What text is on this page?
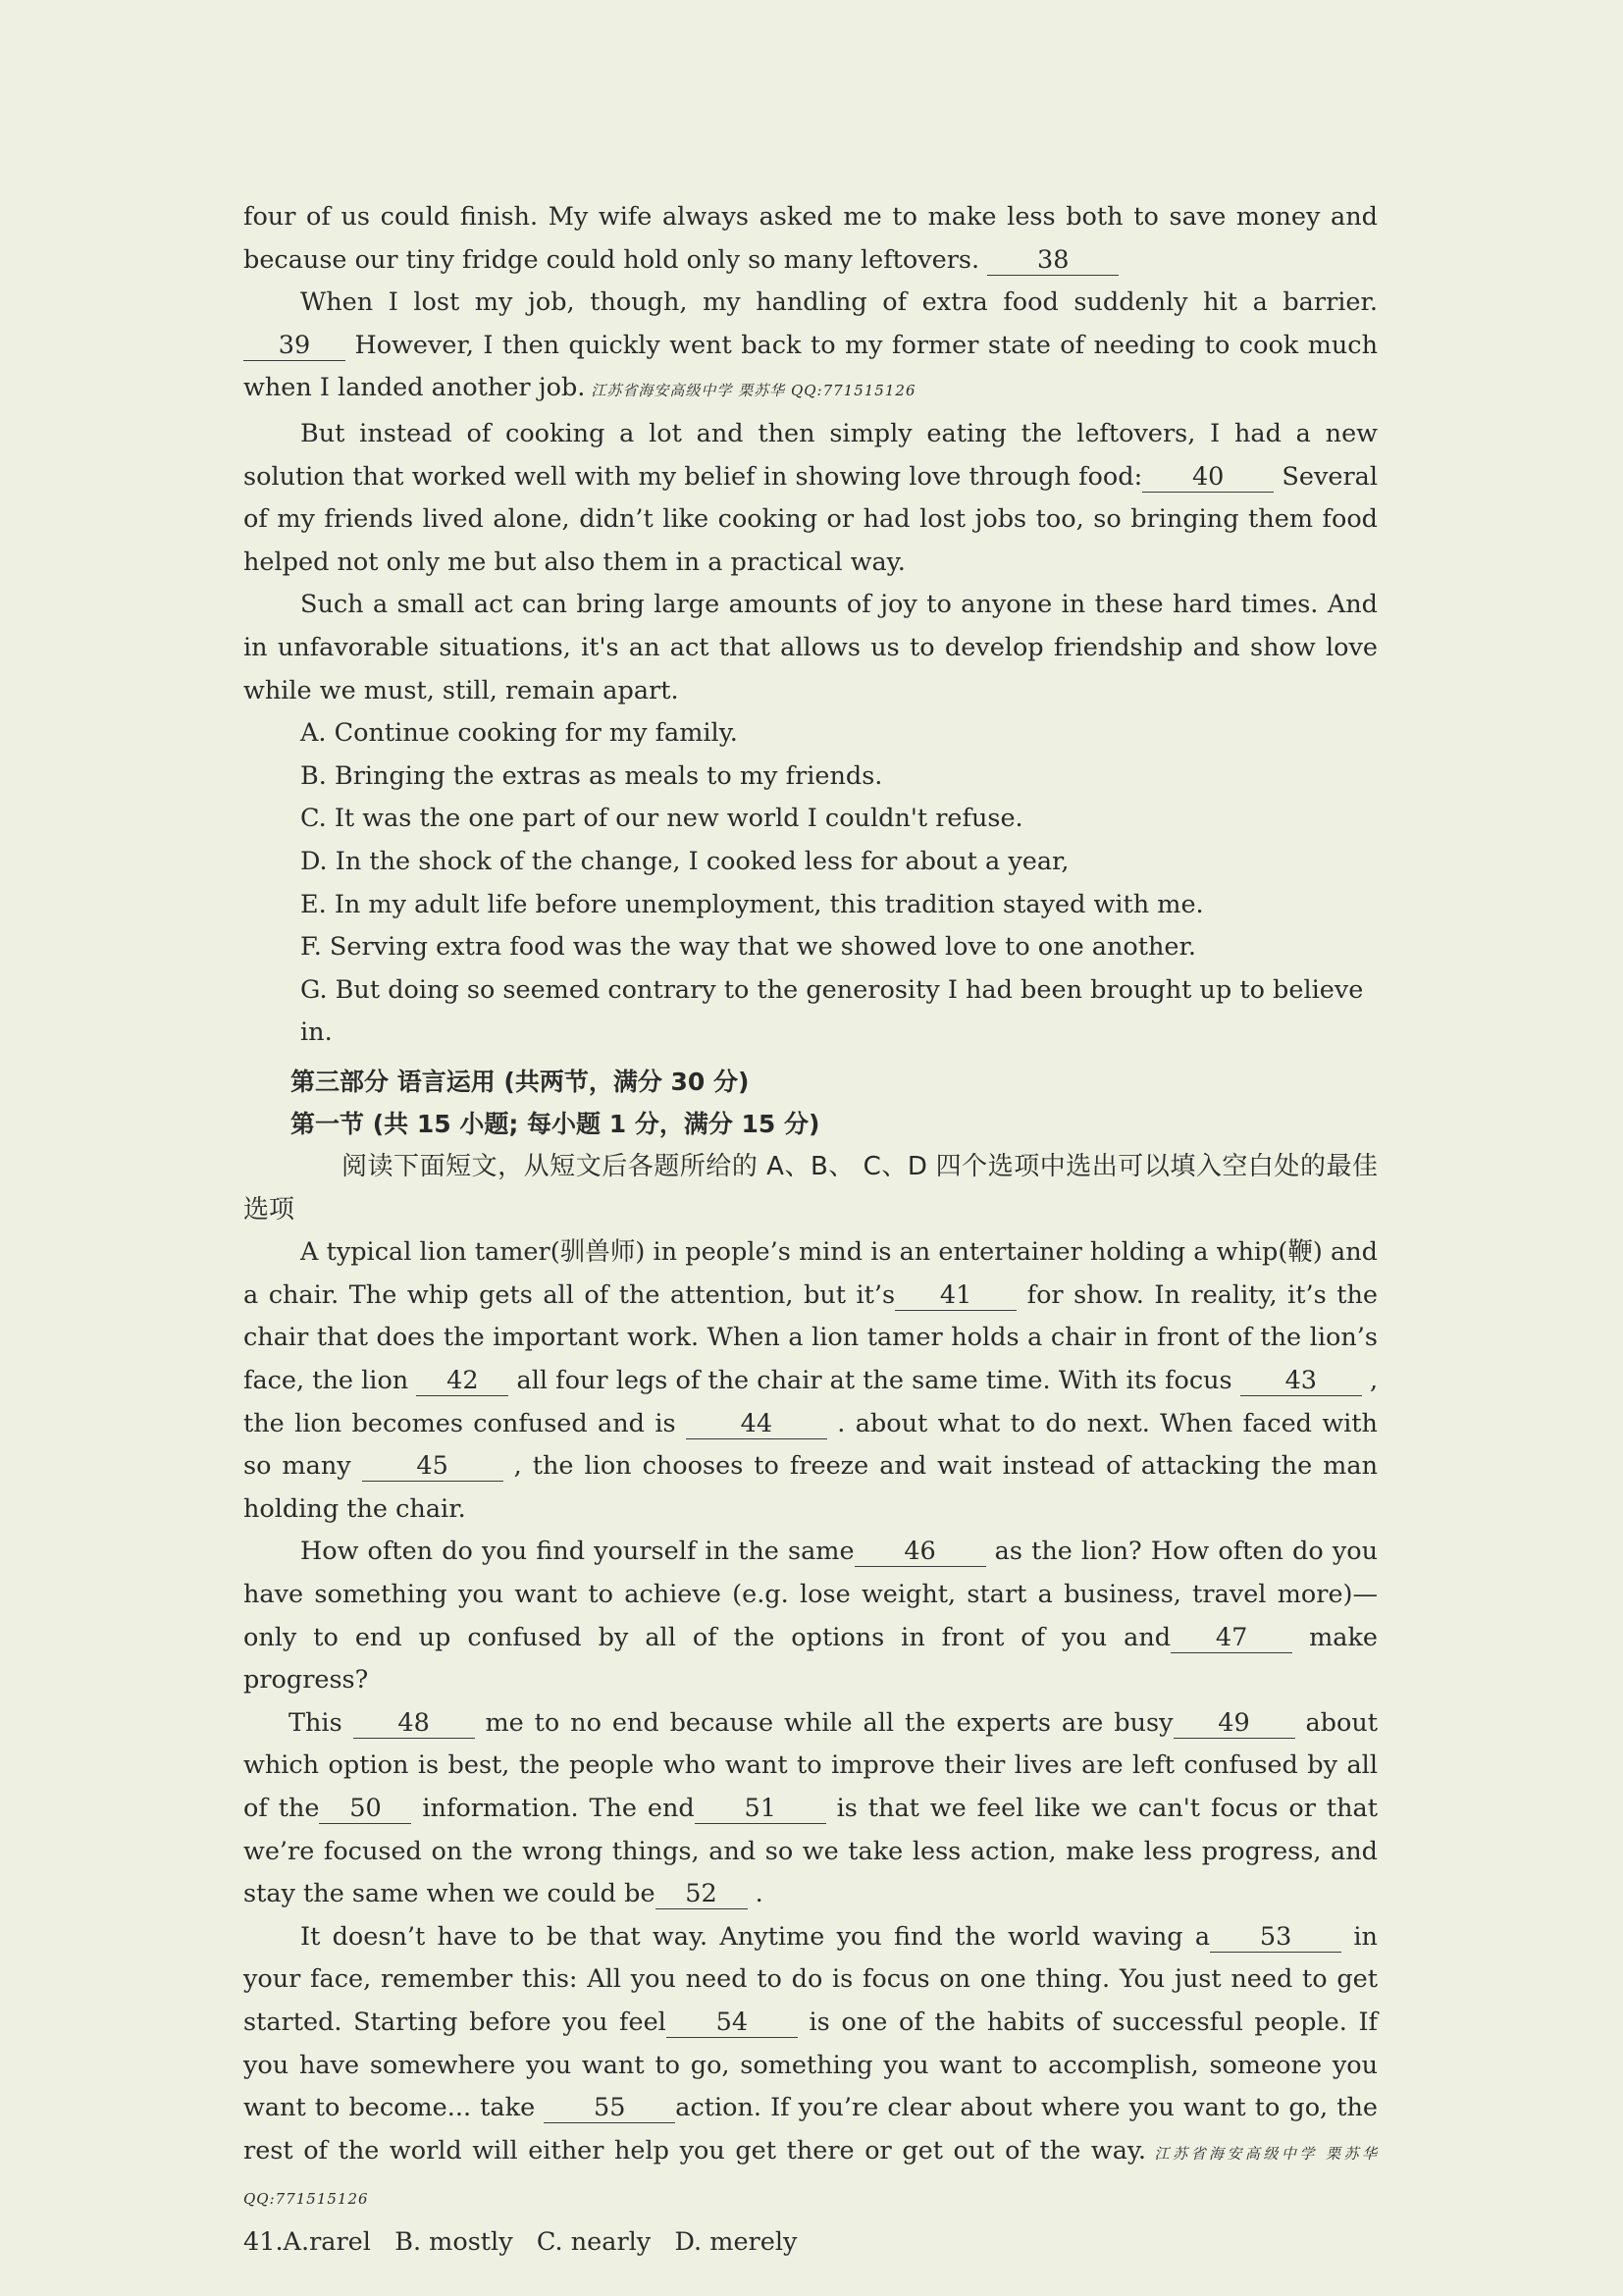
four of us could finish. My wife always asked me to make less both to save money and because our tiny fridge could hold only so many leftovers. 38

When I lost my job, though, my handling of extra food suddenly hit a barrier. 39 However, I then quickly went back to my former state of needing to cook much when I landed another job. 江苏省海安高级中学 栗苏华 QQ:771515126

But instead of cooking a lot and then simply eating the leftovers, I had a new solution that worked well with my belief in showing love through food: 40 Several of my friends lived alone, didn’t like cooking or had lost jobs too, so bringing them food helped not only me but also them in a practical way.

Such a small act can bring large amounts of joy to anyone in these hard times. And in unfavorable situations, it's an act that allows us to develop friendship and show love while we must, still, remain apart.

A. Continue cooking for my family.

B. Bringing the extras as meals to my friends.

C. It was the one part of our new world I couldn't refuse.

D. In the shock of the change, I cooked less for about a year,

E. In my adult life before unemployment, this tradition stayed with me.

F. Serving extra food was the way that we showed love to one another.

G. But doing so seemed contrary to the generosity I had been brought up to believe in.

第三部分 语言运用 (共两节，满分 30 分)

第一节 (共 15 小题; 每小题 1 分，满分 15 分)

阅读下面短文，从短文后各题所给的 A、B、 C、D 四个选项中选出可以填入空白处的最佳选项

A typical lion tamer(驯兽师) in people’s mind is an entertainer holding a whip(鞭) and a chair. The whip gets all of the attention, but it’s 41 for show. In reality, it’s the chair that does the important work. When a lion tamer holds a chair in front of the lion’s face, the lion 42 all four legs of the chair at the same time. With its focus 43 , the lion becomes confused and is	44	. about what to do next. When faced with so many	45	, the lion chooses to freeze and wait instead of attacking the man holding the chair.

How often do you find yourself in the same 46 as the lion? How often do you have something you want to achieve (e.g. lose weight, start a business, travel more)—only to end up confused by all of the options in front of you and 47 make progress?

This 48 me to no end because while all the experts are busy 49 about which option is best, the people who want to improve their lives are left confused by all of the 50 information. The end 51 is that we feel like we can't focus or that we’re focused on the wrong things, and so we take less action, make less progress, and stay the same when we could be 52 .

It doesn’t have to be that way. Anytime you find the world waving a 53 in your face, remember this: All you need to do is focus on one thing. You just need to get started. Starting before you feel 54 is one of the habits of successful people. If you have somewhere you want to go, something you want to accomplish, someone you want to become... take 55 action. If you’re clear about where you want to go, the rest of the world will either help you get there or get out of the way. 江苏省海安高级中学 栗苏华 QQ:771515126

41.A.rarel   B. mostly   C. nearly   D. merely
